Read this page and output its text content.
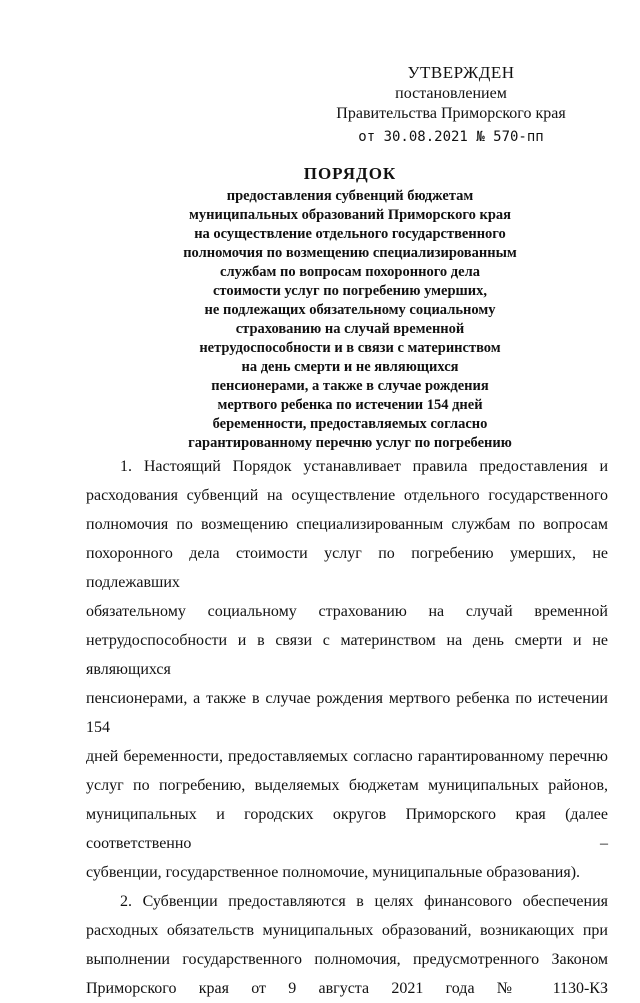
УТВЕРЖДЕН
постановлением
Правительства Приморского края
от 30.08.2021 № 570-пп
ПОРЯДОК
предоставления субвенций бюджетам
муниципальных образований Приморского края
на осуществление отдельного государственного
полномочия по возмещению специализированным
службам по вопросам похоронного дела
стоимости услуг по погребению умерших,
не подлежащих обязательному социальному
страхованию на случай временной
нетрудоспособности и в связи с материнством
на день смерти и не являющихся
пенсионерами, а также в случае рождения
мертвого ребенка по истечении 154 дней
беременности, предоставляемых согласно
гарантированному перечню услуг по погребению
1. Настоящий Порядок устанавливает правила предоставления и
расходования субвенций на осуществление отдельного государственного
полномочия по возмещению специализированным службам по вопросам
похоронного дела стоимости услуг по погребению умерших, не подлежавших
обязательному социальному страхованию на случай временной
нетрудоспособности и в связи с материнством на день смерти и не являющихся
пенсионерами, а также в случае рождения мертвого ребенка по истечении 154
дней беременности, предоставляемых согласно гарантированному перечню
услуг по погребению, выделяемых бюджетам муниципальных районов,
муниципальных и городских округов Приморского края (далее соответственно –
субвенции, государственное полномочие, муниципальные образования).
2. Субвенции предоставляются в целях финансового обеспечения
расходных обязательств муниципальных образований, возникающих при
выполнении государственного полномочия, предусмотренного Законом
Приморского края от 9 августа 2021 года № 1130-КЗ
